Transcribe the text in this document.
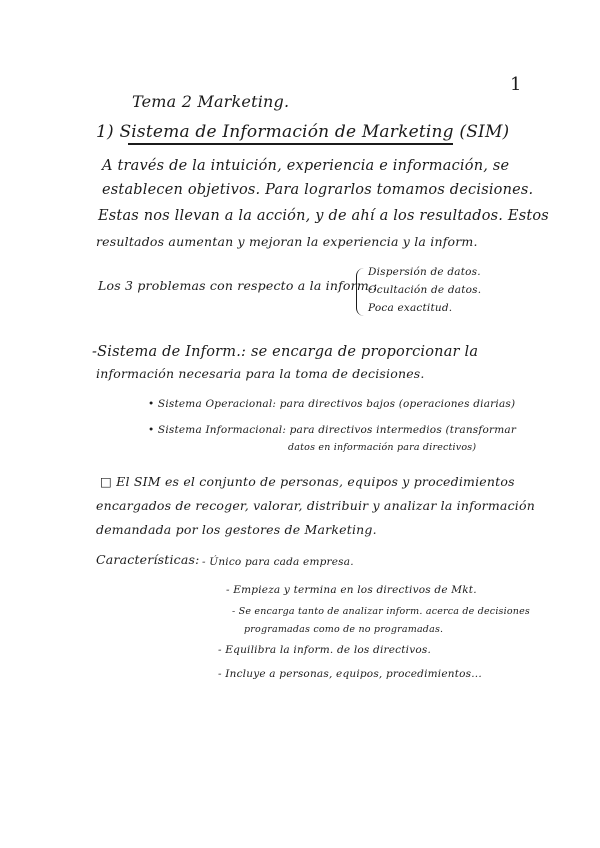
1
Tema 2 Marketing.
1) Sistema de Información de Marketing (SIM)
A través de la intuición, experiencia e información, se
establecen objetivos. Para lograrlos tomamos decisiones.
Estas nos llevan a la acción, y de ahí a los resultados. Estos
resultados aumentan y mejoran la experiencia y la inform.
Los 3 problemas con respecto a la inform.:
Dispersión de datos.
Ocultación de datos.
Poca exactitud.
-Sistema de Inform.: se encarga de proporcionar la
información necesaria para la toma de decisiones.
• Sistema Operacional: para directivos bajos (operaciones diarias)
• Sistema Informacional: para directivos intermedios (transformar
datos en información para directivos)
□ El SIM es el conjunto de personas, equipos y procedimientos
encargados de recoger, valorar, distribuir y analizar la información
demandada por los gestores de Marketing.
Características: - Único para cada empresa.
- Empieza y termina en los directivos de Mkt.
- Se encarga tanto de analizar inform. acerca de decisiones
programadas como de no programadas.
- Equilibra la inform. de los directivos.
- Incluye a personas, equipos, procedimientos...
